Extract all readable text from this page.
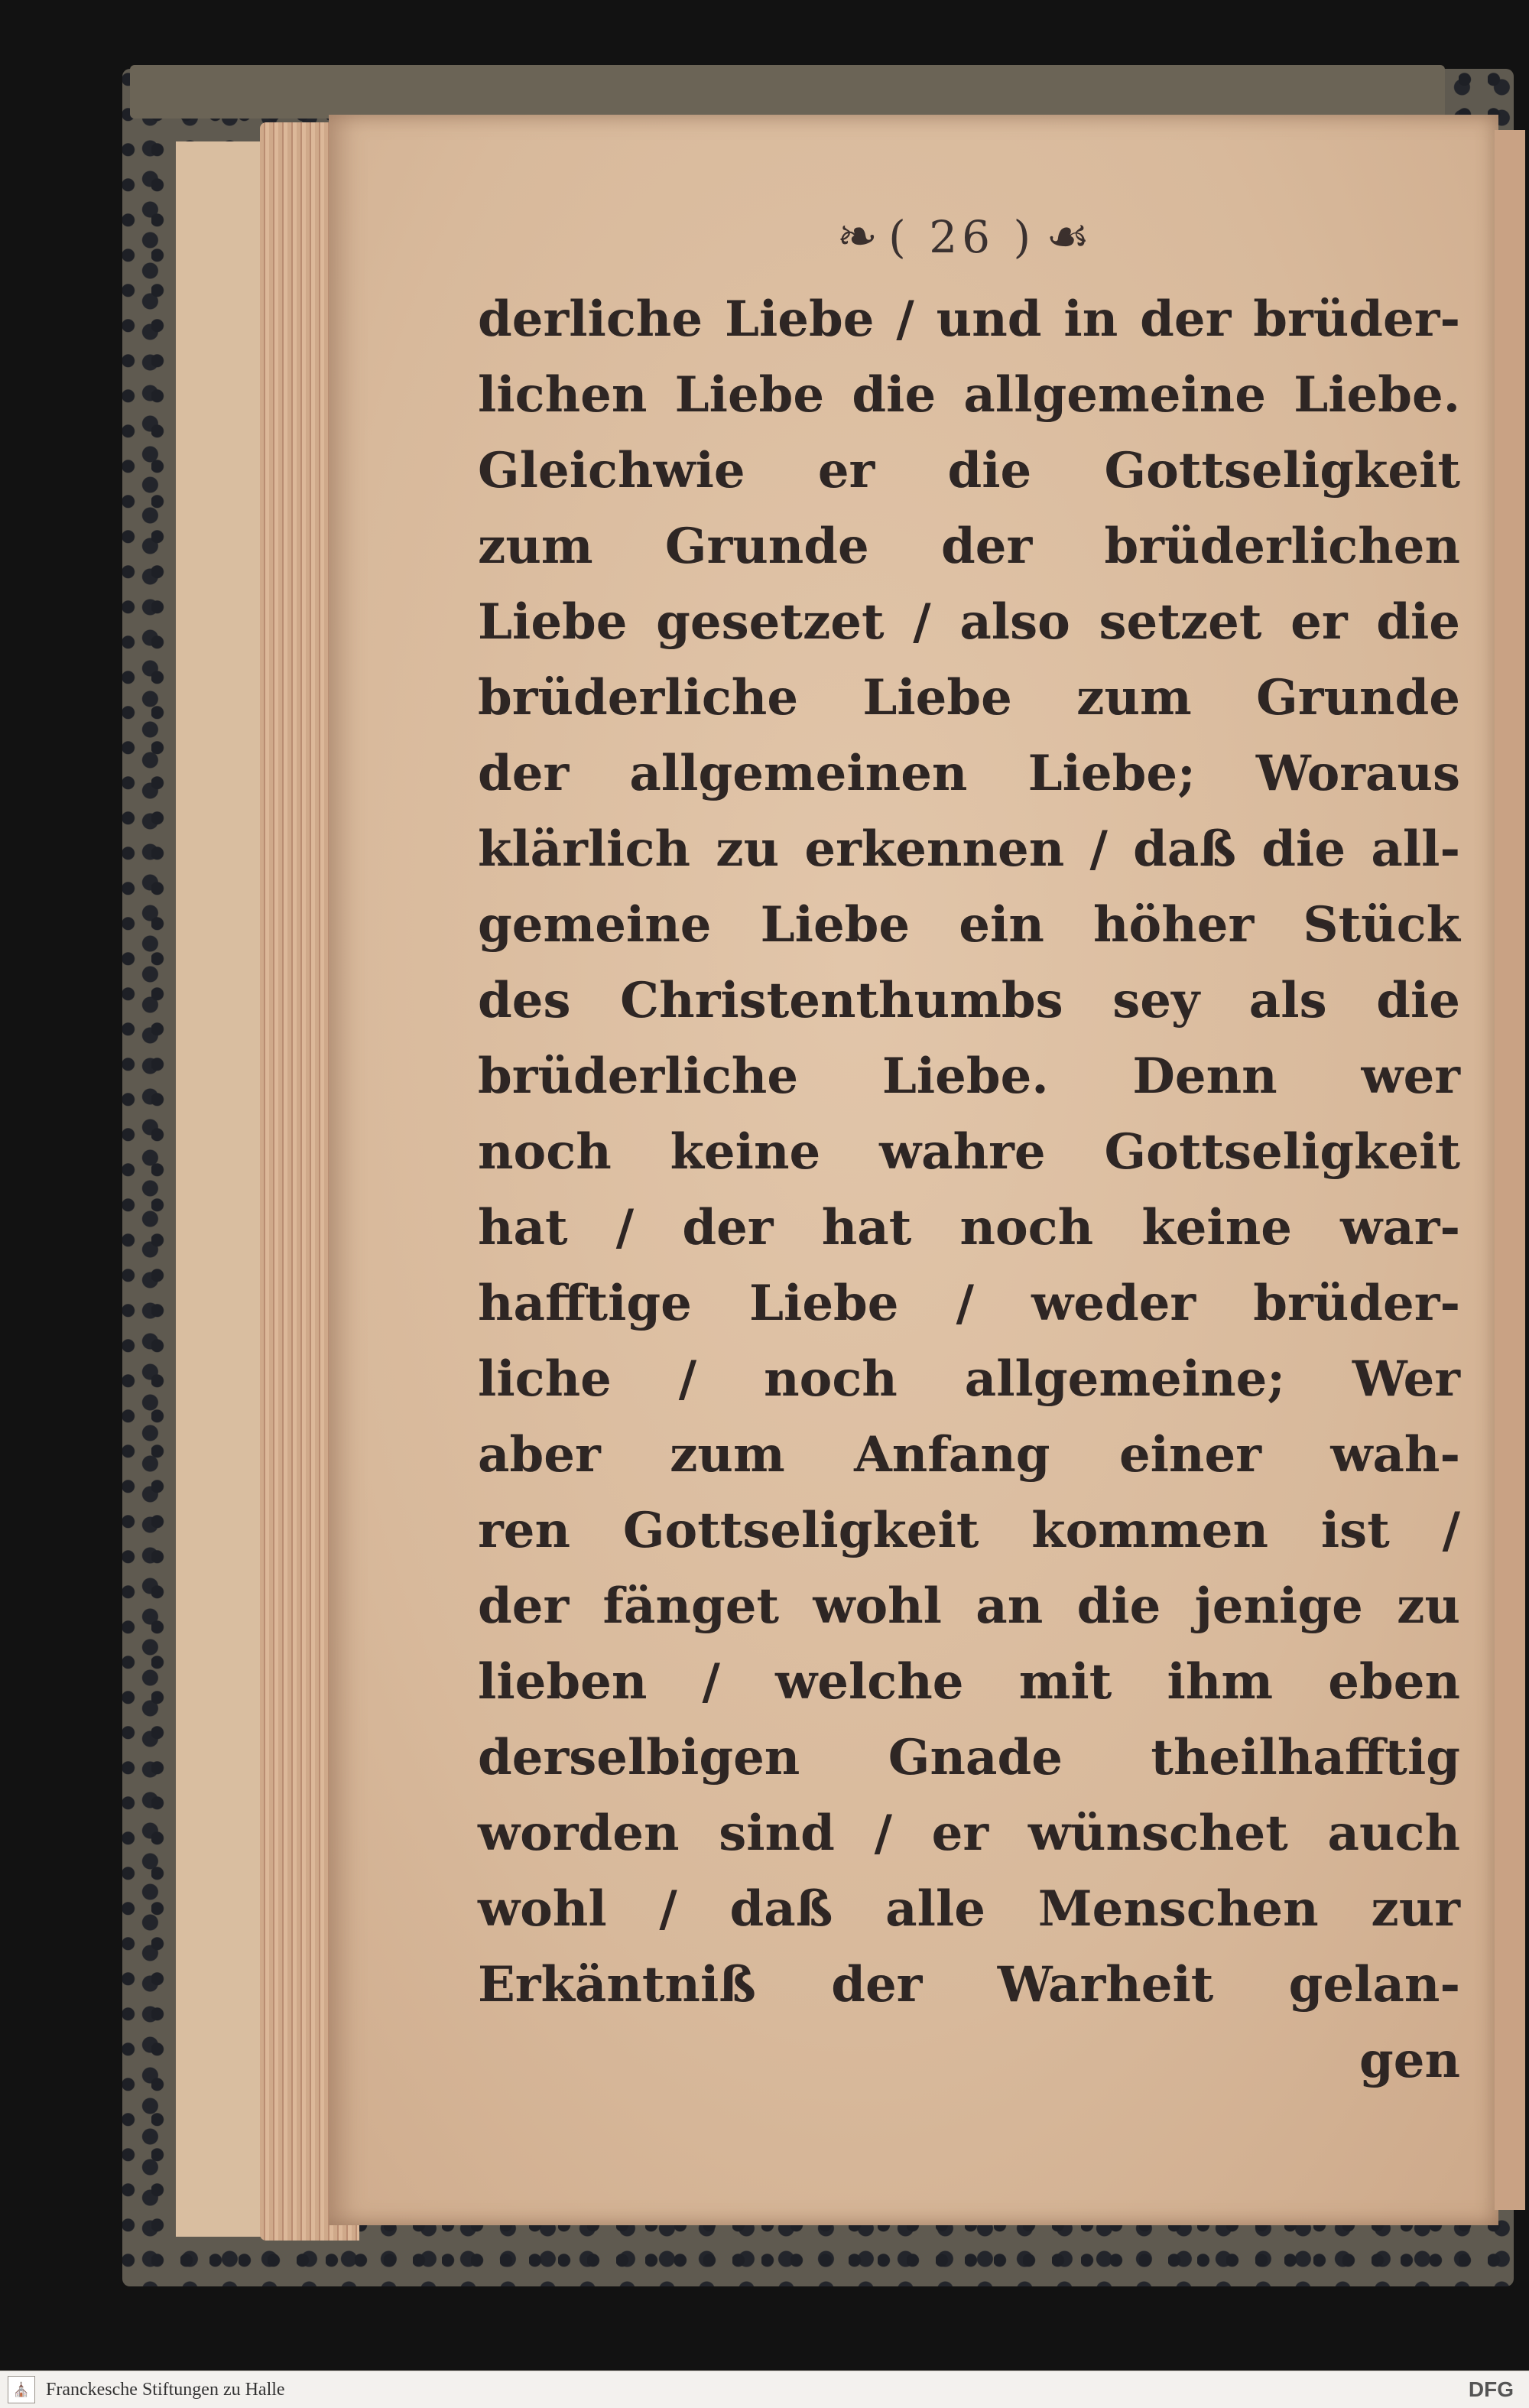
❧ ( 26 ) ☙
derliche Liebe / und in der brüder-
lichen Liebe die allgemeine Liebe.
Gleichwie er die Gottseligkeit
zum Grunde der brüderlichen
Liebe gesetzet / also setzet er die
brüderliche Liebe zum Grunde
der allgemeinen Liebe; Woraus
klärlich zu erkennen / daß die all-
gemeine Liebe ein höher Stück
des Christenthumbs sey als die
brüderliche Liebe. Denn wer
noch keine wahre Gottseligkeit
hat / der hat noch keine war-
hafftige Liebe / weder brüder-
liche / noch allgemeine; Wer
aber zum Anfang einer wah-
ren Gottseligkeit kommen ist /
der fänget wohl an die jenige zu
lieben / welche mit ihm eben
derselbigen Gnade theilhafftig
worden sind / er wünschet auch
wohl / daß alle Menschen zur
Erkäntniß der Warheit gelan-
gen
⛪ Franckesche Stiftungen zu Halle	DFG
